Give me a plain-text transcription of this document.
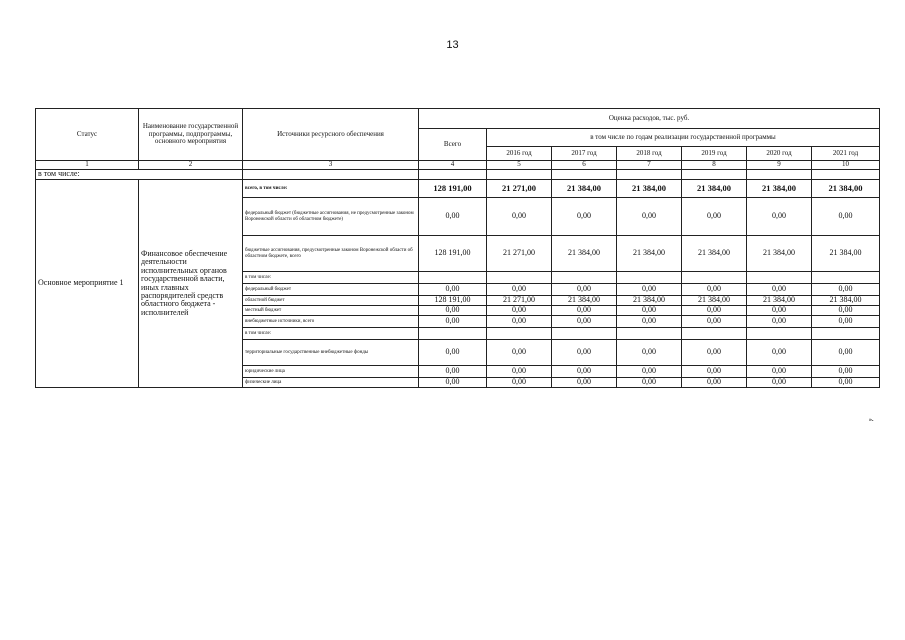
13
Статус	Наименование государственной программы, подпрограммы, основного мероприятия	Источники ресурсного обеспечения	Оценка расходов, тыс. руб.						
			Всего	в том числе по годам реализации государственной программы					
				2016 год	2017 год	2018 год	2019 год	2020 год	2021 год
1	2	3	4	5	6	7	8	9	10
в том числе:									
Основное мероприятие 1	Финансовое обеспечение деятельности исполнительных органов государственной власти, иных главных распорядителей средств областного бюджета - исполнителей	всего, в том числе:	128 191,00	21 271,00	21 384,00	21 384,00	21 384,00	21 384,00	21 384,00
		федеральный бюджет (бюджетные ассигнования, не предусмотренные законом Воронежской области об областном бюджете)	0,00	0,00	0,00	0,00	0,00	0,00	0,00
		бюджетные ассигнования, предусмотренные законом Воронежской области об областном бюджете, всего	128 191,00	21 271,00	21 384,00	21 384,00	21 384,00	21 384,00	21 384,00
		в том числе:							
		федеральный бюджет	0,00	0,00	0,00	0,00	0,00	0,00	0,00
		областной бюджет	128 191,00	21 271,00	21 384,00	21 384,00	21 384,00	21 384,00	21 384,00
		местный бюджет	0,00	0,00	0,00	0,00	0,00	0,00	0,00
		внебюджетные источники, всего	0,00	0,00	0,00	0,00	0,00	0,00	0,00
		в том числе:							
		территориальные государственные внебюджетные фонды	0,00	0,00	0,00	0,00	0,00	0,00	0,00
		юридические лица	0,00	0,00	0,00	0,00	0,00	0,00	0,00
		физические лица	0,00	0,00	0,00	0,00	0,00	0,00	0,00
».
